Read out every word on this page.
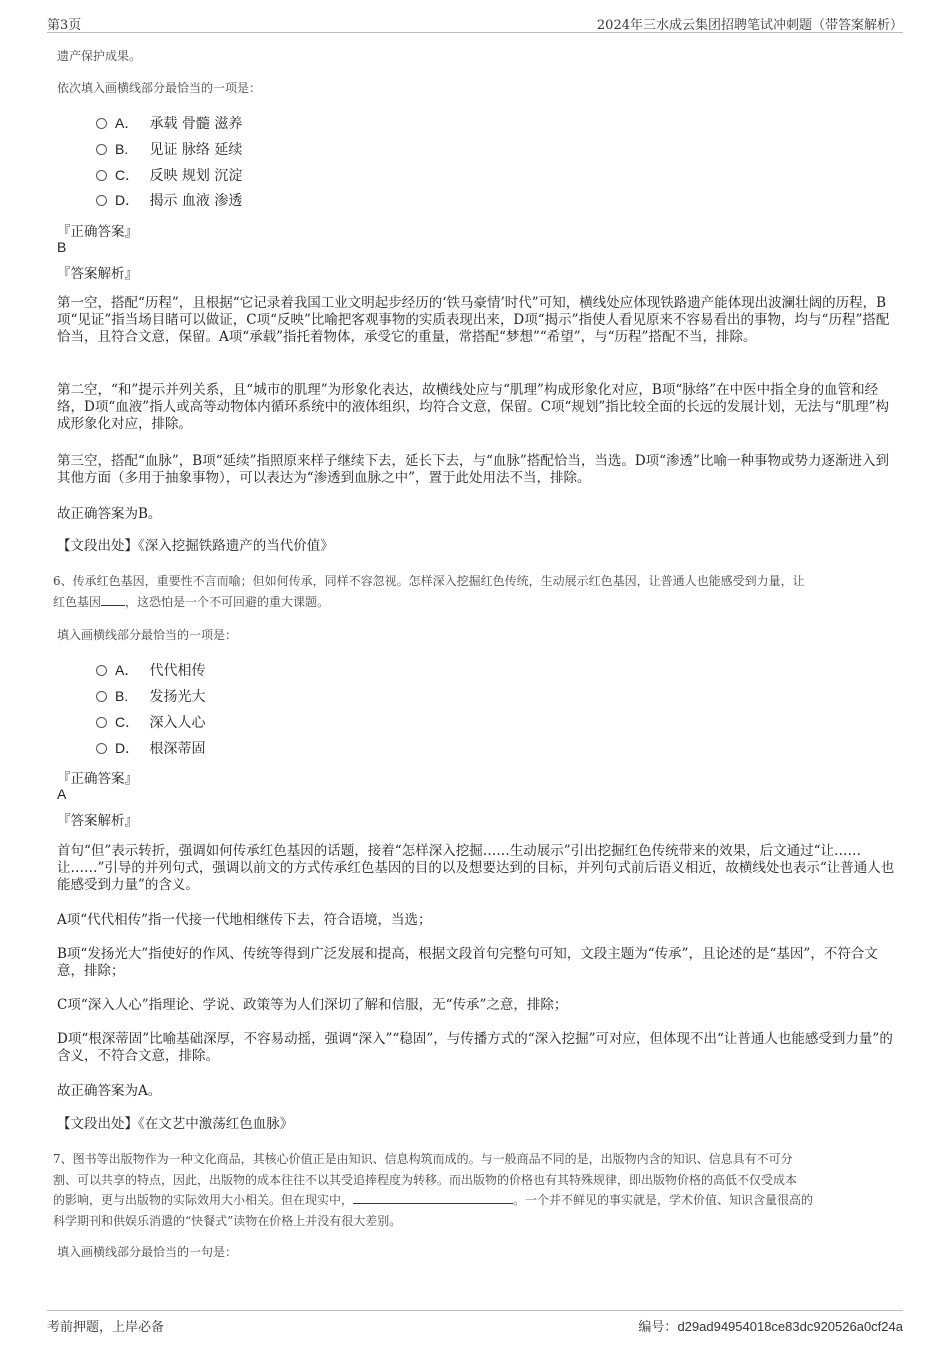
第3页	2024年三水成云集团招聘笔试冲刺题（带答案解析）
遗产保护成果。
依次填入画横线部分最恰当的一项是：
A． 承载 骨髓 滋养
B. 见证 脉络 延续
C． 反映 规划 沉淀
D． 揭示 血液 渗透
『正确答案』
B
『答案解析』
第一空，搭配“历程”，且根据“它记录着我国工业文明起步经历的‘铁马豪情’时代”可知，横线处应体现铁路遗产能体现出波澜壮阔的历程，B项“见证”指当场目睹可以做证，C项“反映”比喻把客观事物的实质表现出来，D项“揭示”指使人看见原来不容易看出的事物，均与“历程”搭配恰当，且符合文意，保留。A项“承载”指托着物体，承受它的重量，常搭配“梦想”“希望”，与“历程”搭配不当，排除。
第二空，“和”提示并列关系，且“城市的肌理”为形象化表达，故横线处应与“肌理”构成形象化对应，B项“脉络”在中医中指全身的血管和经络，D项“血液”指人或高等动物体内循环系统中的液体组织，均符合文意，保留。C项“规划”指比较全面的长远的发展计划，无法与“肌理”构成形象化对应，排除。
第三空，搭配“血脉”，B项“延续”指照原来样子继续下去，延长下去，与“血脉”搭配恰当，当选。D项“渗透”比喻一种事物或势力逐渐进入到其他方面（多用于抽象事物），可以表达为“渗透到血脉之中”，置于此处用法不当，排除。
故正确答案为B。
【文段出处】《深入挖掘铁路遗产的当代价值》
6、传承红色基因，重要性不言而喻；但如何传承，同样不容忽视。怎样深入挖掘红色传统，生动展示红色基因，让普通人也能感受到力量，让
红色基因 ，这恐怕是一个不可回避的重大课题。
填入画横线部分最恰当的一项是：
A． 代代相传
B. 发扬光大
C． 深入人心
D． 根深蒂固
『正确答案』
A
『答案解析』
首句“但”表示转折，强调如何传承红色基因的话题，接着“怎样深入挖掘……生动展示”引出挖掘红色传统带来的效果，后文通过“让……让……”引导的并列句式，强调以前文的方式传承红色基因的目的以及想要达到的目标，并列句式前后语义相近，故横线处也表示“让普通人也能感受到力量”的含义。
A项“代代相传”指一代接一代地相继传下去，符合语境，当选；
B项“发扬光大”指使好的作风、传统等得到广泛发展和提高，根据文段首句完整句可知，文段主题为“传承”，且论述的是“基因”，不符合文意，排除；
C项“深入人心”指理论、学说、政策等为人们深切了解和信服，无“传承”之意，排除；
D项“根深蒂固”比喻基础深厚，不容易动摇，强调“深入”“稳固”，与传播方式的“深入挖掘”可对应，但体现不出“让普通人也能感受到力量”的含义，不符合文意，排除。
故正确答案为A。
【文段出处】《在文艺中激荡红色血脉》
7、图书等出版物作为一种文化商品，其核心价值正是由知识、信息构筑而成的。与一般商品不同的是，出版物内含的知识、信息具有不可分
割、可以共享的特点，因此，出版物的成本往往不以其受追捧程度为转移。而出版物的价格也有其特殊规律，即出版物价格的高低不仅受成本
的影响，更与出版物的实际效用大小相关。但在现实中，	。一个并不鲜见的事实就是，学术价值、知识含量很高的
科学期刊和供娱乐消遣的“快餐式”读物在价格上并没有很大差别。
填入画横线部分最恰当的一句是：
考前押题，上岸必备	编号：d29ad94954018ce83dc920526a0cf24a
